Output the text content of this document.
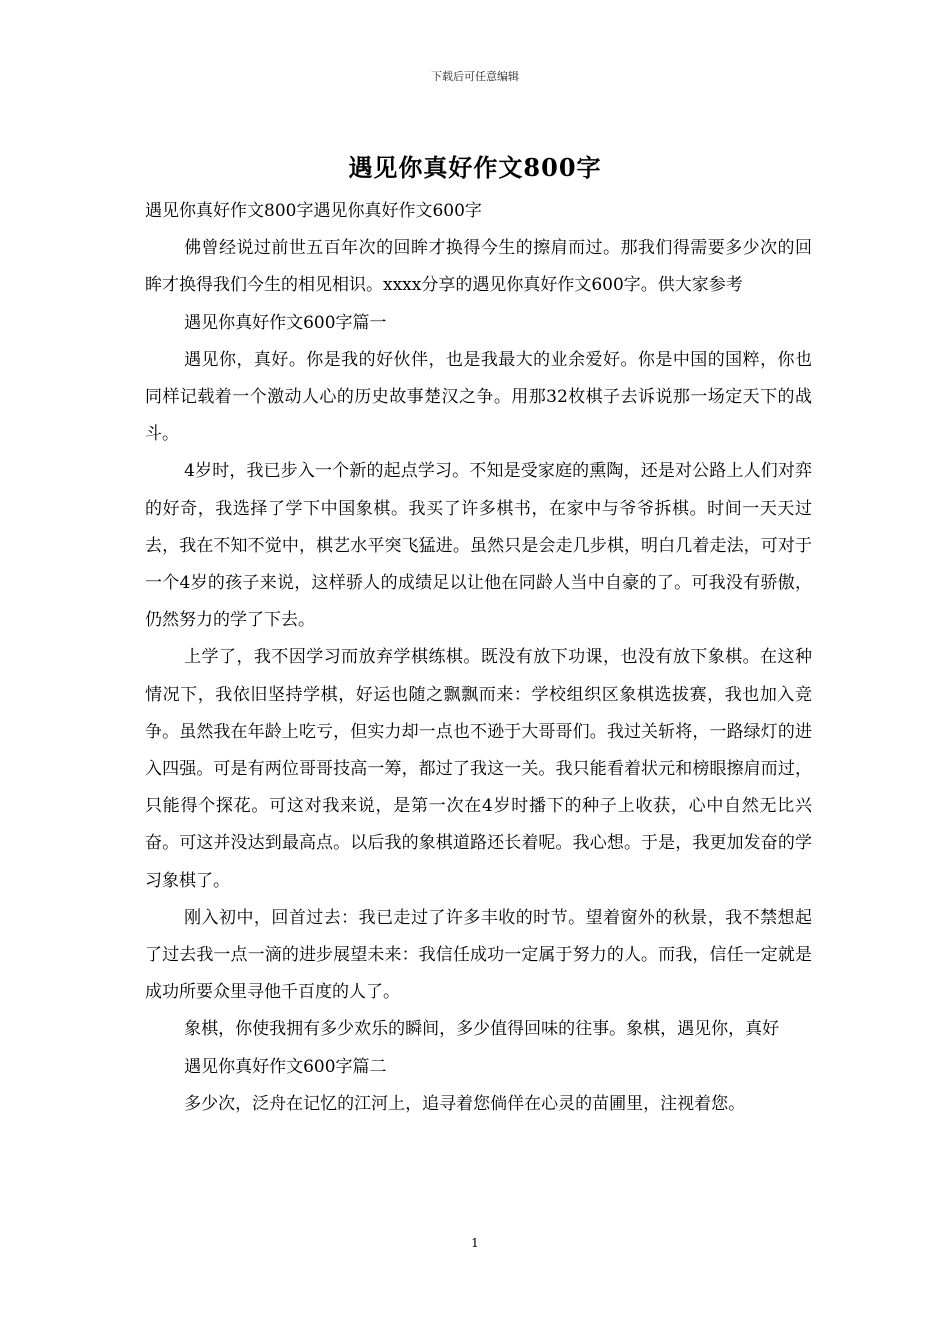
下载后可任意编辑
遇见你真好作文800字

遇见你真好作文800字遇见你真好作文600字

佛曾经说过前世五百年次的回眸才换得今生的擦肩而过。那我们得需要多少次的回眸才换得我们今生的相见相识。xxxx分享的遇见你真好作文600字。供大家参考

遇见你真好作文600字篇一

遇见你，真好。你是我的好伙伴，也是我最大的业余爱好。你是中国的国粹，你也同样记载着一个激动人心的历史故事楚汉之争。用那32枚棋子去诉说那一场定天下的战斗。

4岁时，我已步入一个新的起点学习。不知是受家庭的熏陶，还是对公路上人们对弈的好奇，我选择了学下中国象棋。我买了许多棋书，在家中与爷爷拆棋。时间一天天过去，我在不知不觉中，棋艺水平突飞猛进。虽然只是会走几步棋，明白几着走法，可对于一个4岁的孩子来说，这样骄人的成绩足以让他在同龄人当中自豪的了。可我没有骄傲，仍然努力的学了下去。

上学了，我不因学习而放弃学棋练棋。既没有放下功课，也没有放下象棋。在这种情况下，我依旧坚持学棋，好运也随之飘飘而来：学校组织区象棋选拔赛，我也加入竞争。虽然我在年龄上吃亏，但实力却一点也不逊于大哥哥们。我过关斩将，一路绿灯的进入四强。可是有两位哥哥技高一筹，都过了我这一关。我只能看着状元和榜眼擦肩而过，只能得个探花。可这对我来说，是第一次在4岁时播下的种子上收获，心中自然无比兴奋。可这并没达到最高点。以后我的象棋道路还长着呢。我心想。于是，我更加发奋的学习象棋了。

刚入初中，回首过去：我已走过了许多丰收的时节。望着窗外的秋景，我不禁想起了过去我一点一滴的进步展望未来：我信任成功一定属于努力的人。而我，信任一定就是成功所要众里寻他千百度的人了。

象棋，你使我拥有多少欢乐的瞬间，多少值得回味的往事。象棋，遇见你，真好

遇见你真好作文600字篇二

多少次，泛舟在记忆的江河上，追寻着您倘佯在心灵的苗圃里，注视着您。

1
